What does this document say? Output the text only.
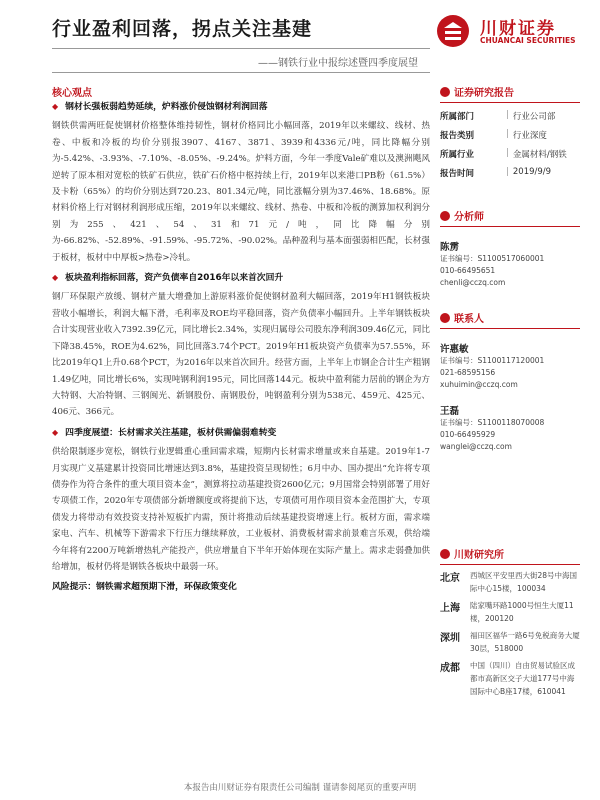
行业盈利回落，拐点关注基建
——钢铁行业中报综述暨四季度展望
川财证券
CHUANCAI SECURITIES
核心观点
◆ 钢材长强板弱趋势延续，炉料涨价侵蚀钢材利润回落

钢铁供需两旺促使钢材价格整体维持韧性，钢材价格同比小幅回落，2019年以来螺纹、线材、热卷、中板和冷板的均价分别报3907、4167、3871、3939和4336元/吨，同比降幅分别为-5.42%、-3.93%、-7.10%、-8.05%、-9.24%。炉料方面，今年一季度Vale矿难以及澳洲飓风逆转了原本相对宽松的铁矿石供应，铁矿石价格中枢持续上行，2019年以来港口PB粉（61.5%）及卡粉（65%）的均价分别达到720.23、801.34元/吨，同比涨幅分别为37.46%、18.68%。原材料价格上行对钢材利润形成压缩，2019年以来螺纹、线材、热卷、中板和冷板的测算加权利润分别为255、421、54、31和71元/吨，同比降幅分别为-66.82%、-52.89%、-91.59%、-95.72%、-90.02%。品种盈利与基本面强弱相匹配，长材强于板材，板材中中厚板>热卷>冷轧。

◆ 板块盈利指标回落，资产负债率自2016年以来首次回升

钢厂环保限产放缓、钢材产量大增叠加上游原料涨价促使钢材盈利大幅回落，2019年H1钢铁板块营收小幅增长，利润大幅下滑，毛利率及ROE均平稳回落，资产负债率小幅回升。上半年钢铁板块合计实现营业收入7392.39亿元，同比增长2.34%，实现归属母公司股东净利润309.46亿元，同比下降38.45%，ROE为4.62%，同比回落3.74个PCT。2019年H1板块资产负债率为57.55%，环比2019年Q1上升0.68个PCT，为2016年以来首次回升。经营方面，上半年上市钢企合计生产粗钢1.49亿吨，同比增长6%，实现吨钢利润195元，同比回落144元。板块中盈利能力居前的钢企为方大特钢、大冶特钢、三钢闽光、新钢股份、南钢股份，吨钢盈利分别为538元、459元、425元、406元、366元。

◆ 四季度展望：长材需求关注基建，板材供需偏弱难转变

供给限制逐步宽松，钢铁行业逻辑重心重回需求端，短期内长材需求增量或来自基建。2019年1-7月实现广义基建累计投资同比增速达到3.8%，基建投资呈现韧性；6月中办、国办提出“允许将专项债券作为符合条件的重大项目资本金”，测算将拉动基建投资2600亿元；9月国常会特别部署了用好专项债工作，2020年专项债部分新增额度或将提前下达，专项债可用作项目资本金范围扩大，专项债发力将带动有效投资支持补短板扩内需，预计将推动后续基建投资增速上行。板材方面，需求端家电、汽车、机械等下游需求下行压力继续释放，工业板材、消费板材需求前景难言乐观，供给端今年将有2200万吨新增热轧产能投产，供应增量自下半年开始体现在实际产量上。需求走弱叠加供给增加，板材仍将是钢铁各板块中最弱一环。

风险提示：钢铁需求超预期下滑，环保政策变化
证券研究报告
所属部门	| 行业公司部
报告类别	| 行业深度
所属行业	| 金属材料/钢铁
报告时间	| 2019/9/9
分析师
陈雳
证书编号：S1100517060001
010-66495651
chenli@cczq.com
联系人
许惠敏
证书编号：S1100117120001
021-68595156
xuhuimin@cczq.com
王磊
证书编号：S1100118070008
010-66495929
wanglei@cczq.com
川财研究所
北京	西城区平安里西大街28号中海国际中心15楼，100034
上海	陆家嘴环路1000号恒生大厦11楼，200120
深圳	福田区福华一路6号免税商务大厦30层，518000
成都	中国（四川）自由贸易试验区成都市高新区交子大道177号中海国际中心B座17楼，610041
本报告由川财证券有限责任公司编制 谨请参阅尾页的重要声明
